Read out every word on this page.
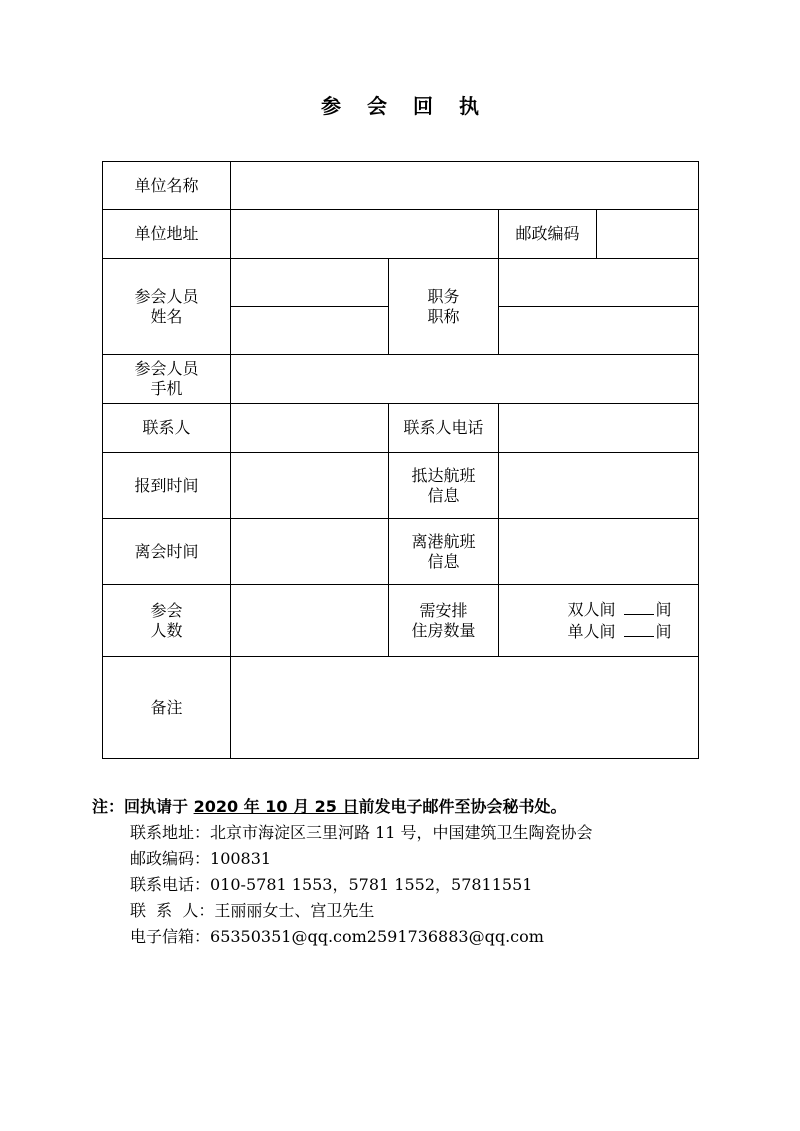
参 会 回 执
单位名称				
单位地址			邮政编码	

参会人员
姓名		职务
职称		

参会人员
手机				

联系人		联系人电话		
报到时间		抵达航班
信息		

离会时间		离港航班
信息		

参会
人数		需安排
住房数量	双人间 间
单人间 间	

备注				
注：回执请于 2020 年 10 月 25 日前发电子邮件至协会秘书处。
联系地址：北京市海淀区三里河路 11 号，中国建筑卫生陶瓷协会
邮政编码：100831
联系电话：010-5781 1553，5781 1552，57811551
联  系  人：王丽丽女士、宫卫先生
电子信箱：65350351@qq.com2591736883@qq.com
